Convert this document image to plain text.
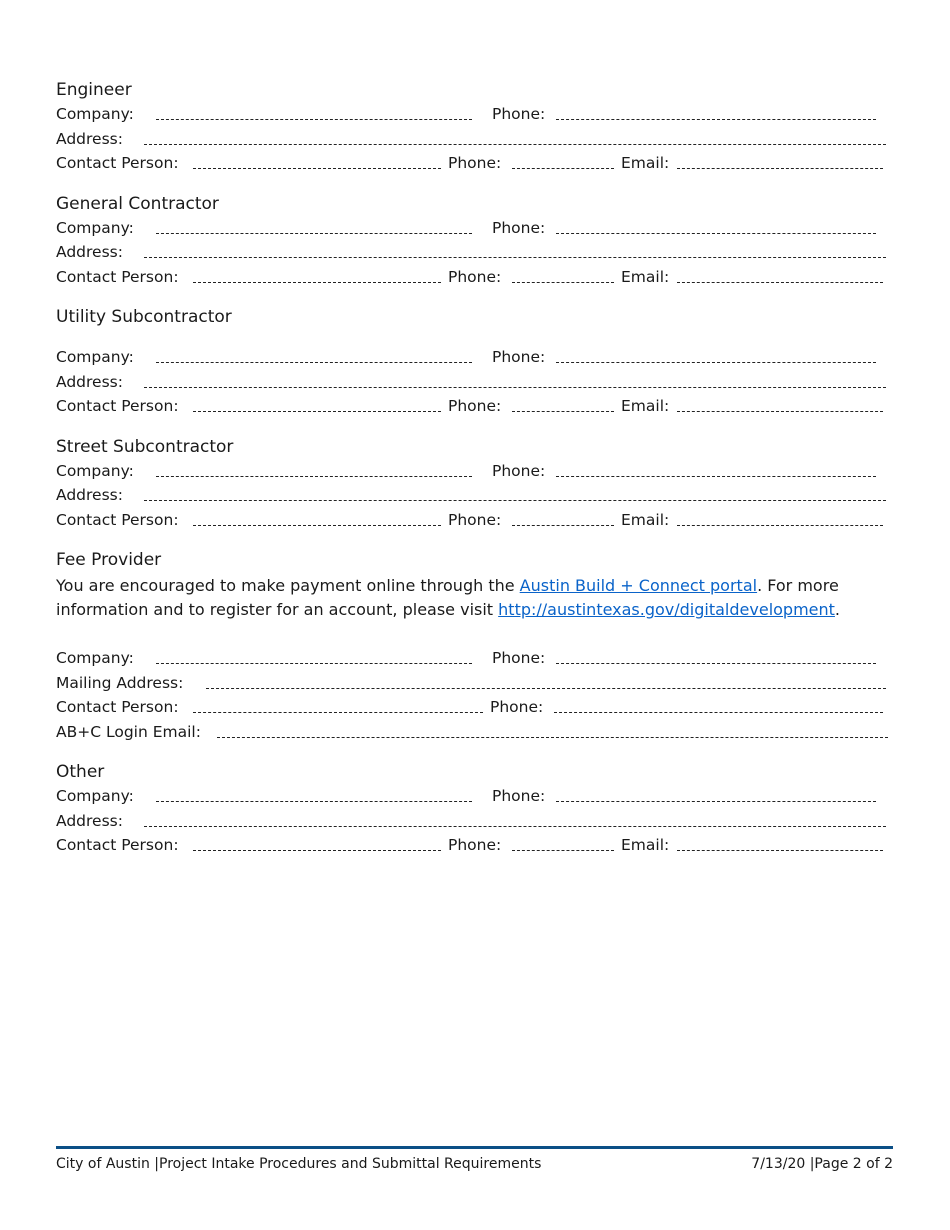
Engineer

Company:	Phone:
Address:
Contact Person:	Phone:	Email:

General Contractor

Company:	Phone:
Address:
Contact Person:	Phone:	Email:

Utility Subcontractor

Company:	Phone:
Address:
Contact Person:	Phone:	Email:

Street Subcontractor

Company:	Phone:
Address:
Contact Person:	Phone:	Email:

Fee Provider

You are encouraged to make payment online through the Austin Build + Connect portal. For more information and to register for an account, please visit http://austintexas.gov/digitaldevelopment.

Company:	Phone:
Mailing Address:
Contact Person:	Phone:
AB+C Login Email:

Other

Company:	Phone:
Address:
Contact Person:	Phone:	Email:
City of Austin |Project Intake Procedures and Submittal Requirements	7/13/20 |Page 2 of 2
